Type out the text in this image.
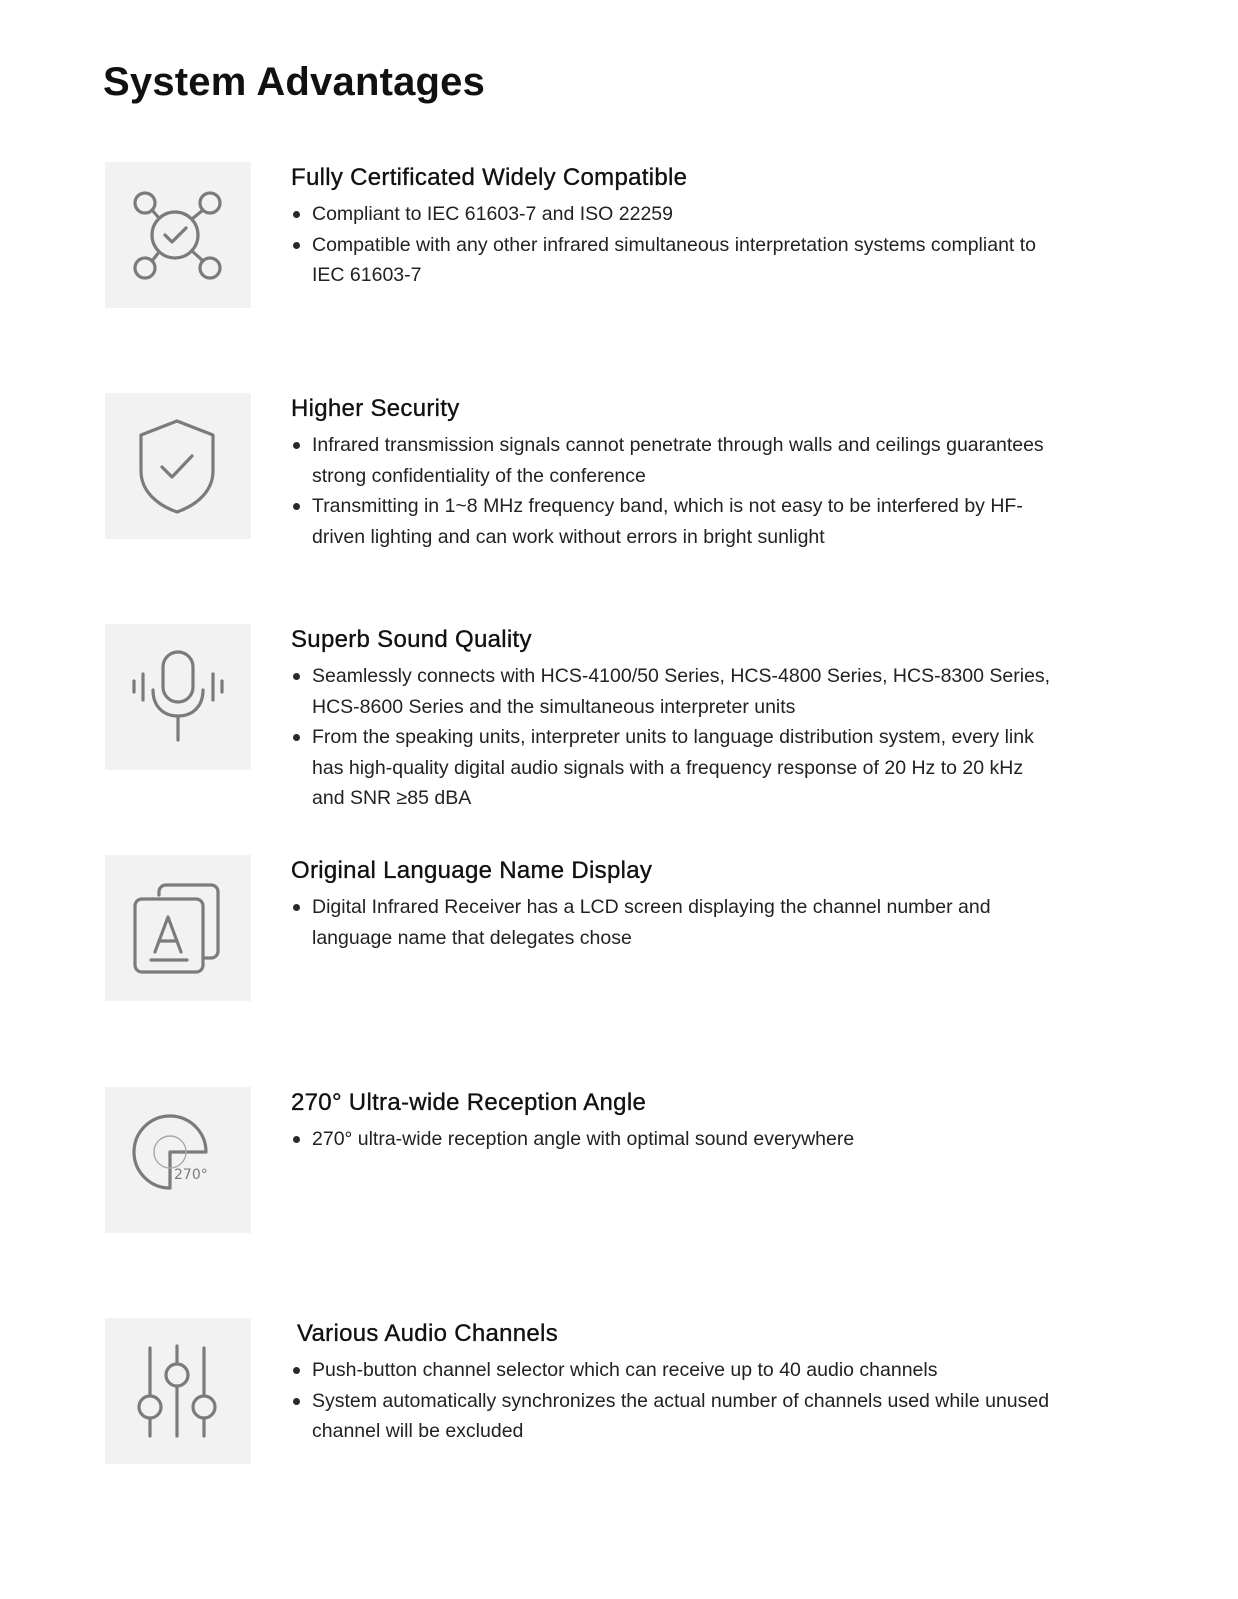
System Advantages
Fully Certificated Widely Compatible
Compliant to IEC 61603-7 and ISO 22259
Compatible with any other infrared simultaneous interpretation systems compliant to IEC 61603-7
Higher Security
Infrared transmission signals cannot penetrate through walls and ceilings guarantees strong confidentiality of the conference
Transmitting in 1~8 MHz frequency band, which is not easy to be interfered by HF-driven lighting and can work without errors in bright sunlight
Superb Sound Quality
Seamlessly connects with HCS-4100/50 Series, HCS-4800 Series, HCS-8300 Series, HCS-8600 Series and the simultaneous interpreter units
From the speaking units, interpreter units to language distribution system, every link has high-quality digital audio signals with a frequency response of 20 Hz to 20 kHz and SNR ≥85 dBA
Original Language Name Display
Digital Infrared Receiver has a LCD screen displaying the channel number and language name that delegates chose
270°
270° Ultra-wide Reception Angle
270° ultra-wide reception angle with optimal sound everywhere
Various Audio Channels
Push-button channel selector which can receive up to 40 audio channels
System automatically synchronizes the actual number of channels used while unused channel will be excluded
